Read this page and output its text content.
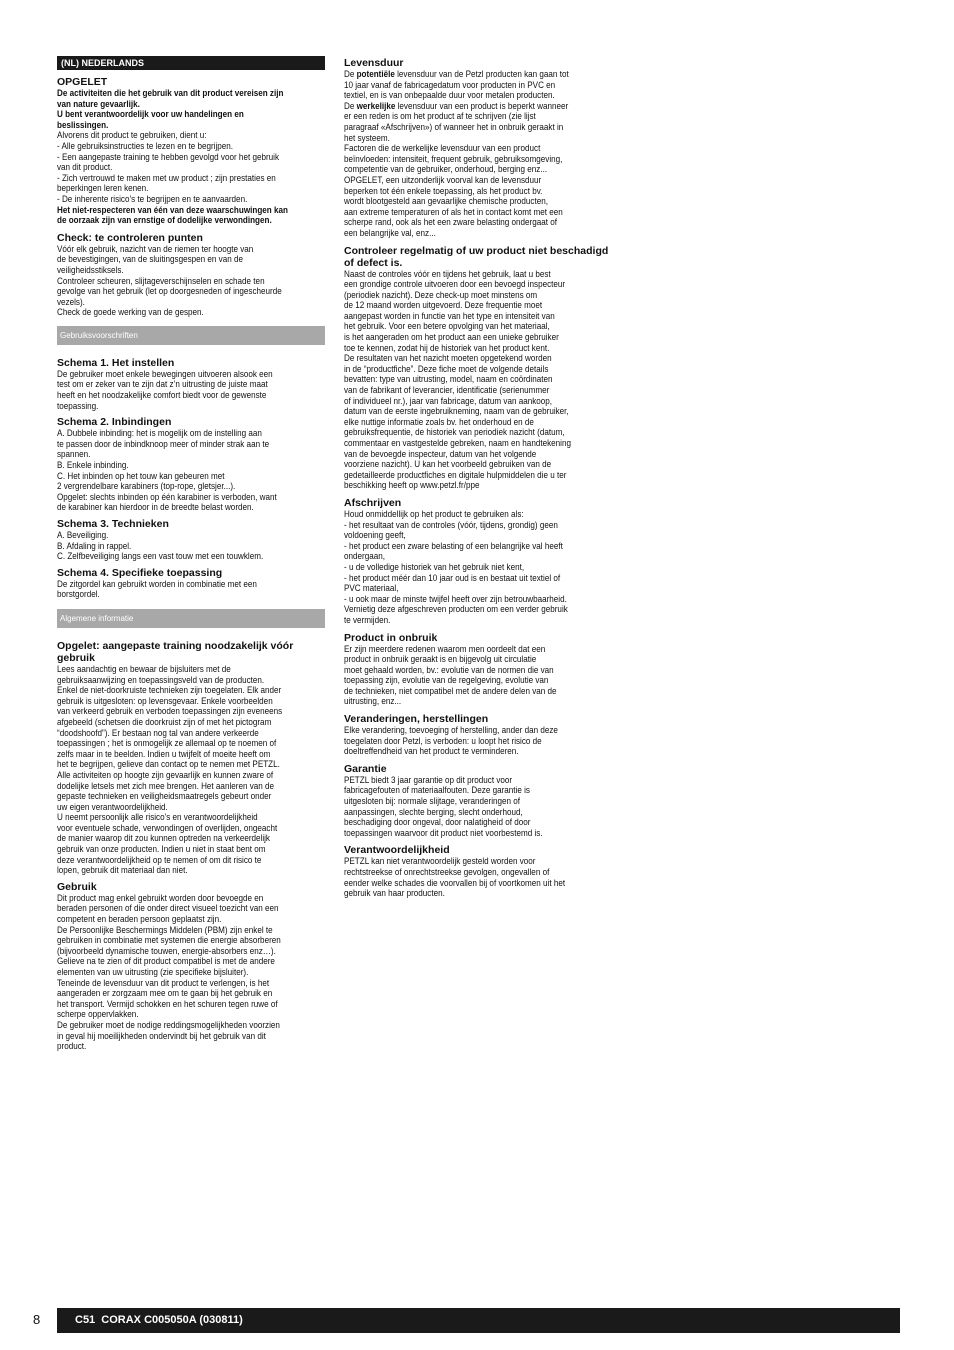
(NL) NEDERLANDS
OPGELET

De activiteiten die het gebruik van dit product vereisen zijn
van nature gevaarlijk.
U bent verantwoordelijk voor uw handelingen en
beslissingen.

Alvorens dit product te gebruiken, dient u:
- Alle gebruiksinstructies te lezen en te begrijpen.
- Een aangepaste training te hebben gevolgd voor het gebruik
van dit product.
- Zich vertrouwd te maken met uw product ; zijn prestaties en
beperkingen leren kenen.
- De inherente risico’s te begrijpen en te aanvaarden.

Het niet-respecteren van één van deze waarschuwingen kan
de oorzaak zijn van ernstige of dodelijke verwondingen.

Check: te controleren punten

Vóór elk gebruik, nazicht van de riemen ter hoogte van
de bevestigingen, van de sluitingsgespen en van de
veiligheidsstiksels.
Controleer scheuren, slijtageverschijnselen en schade ten
gevolge van het gebruik (let op doorgesneden of ingescheurde
vezels).
Check de goede werking van de gespen.

Gebruiksvoorschriften
Schema 1. Het instellen

De gebruiker moet enkele bewegingen uitvoeren alsook een
test om er zeker van te zijn dat z’n uitrusting de juiste maat
heeft en het noodzakelijke comfort biedt voor de gewenste
toepassing.

Schema 2. Inbindingen

A. Dubbele inbinding: het is mogelijk om de instelling aan
te passen door de inbindknoop meer of minder strak aan te
spannen.
B. Enkele inbinding.
C. Het inbinden op het touw kan gebeuren met
2 vergrendelbare karabiners (top-rope, gletsjer...).
Opgelet: slechts inbinden op één karabiner is verboden, want
de karabiner kan hierdoor in de breedte belast worden.

Schema 3. Technieken

A. Beveiliging.
B. Afdaling in rappel.
C. Zelfbeveiliging langs een vast touw met een touwklem.

Schema 4. Specifieke toepassing

De zitgordel kan gebruikt worden in combinatie met een
borstgordel.

Algemene informatie
Opgelet: aangepaste training noodzakelijk vóór
gebruik

Lees aandachtig en bewaar de bijsluiters met de
gebruiksaanwijzing en toepassingsveld van de producten.
Enkel de niet-doorkruiste technieken zijn toegelaten. Elk ander
gebruik is uitgesloten: op levensgevaar. Enkele voorbeelden
van verkeerd gebruik en verboden toepassingen zijn eveneens
afgebeeld (schetsen die doorkruist zijn of met het pictogram
“doodshoofd”). Er bestaan nog tal van andere verkeerde
toepassingen ; het is onmogelijk ze allemaal op te noemen of
zelfs maar in te beelden. Indien u twijfelt of moeite heeft om
het te begrijpen, gelieve dan contact op te nemen met PETZL.
Alle activiteiten op hoogte zijn gevaarlijk en kunnen zware of
dodelijke letsels met zich mee brengen. Het aanleren van de
gepaste technieken en veiligheidsmaatregels gebeurt onder
uw eigen verantwoordelijkheid.
U neemt persoonlijk alle risico’s en verantwoordelijkheid
voor eventuele schade, verwondingen of overlijden, ongeacht
de manier waarop dit zou kunnen optreden na verkeerdelijk
gebruik van onze producten. Indien u niet in staat bent om
deze verantwoordelijkheid op te nemen of om dit risico te
lopen, gebruik dit materiaal dan niet.

Gebruik

Dit product mag enkel gebruikt worden door bevoegde en
beraden personen of die onder direct visueel toezicht van een
competent en beraden persoon geplaatst zijn.
De Persoonlijke Beschermings Middelen (PBM) zijn enkel te
gebruiken in combinatie met systemen die energie absorberen
(bijvoorbeeld dynamische touwen, energie-absorbers enz…).
Gelieve na te zien of dit product compatibel is met de andere
elementen van uw uitrusting (zie specifieke bijsluiter).
Teneinde de levensduur van dit product te verlengen, is het
aangeraden er zorgzaam mee om te gaan bij het gebruik en
het transport. Vermijd schokken en het schuren tegen ruwe of
scherpe oppervlakken.
De gebruiker moet de nodige reddingsmogelijkheden voorzien
in geval hij moeilijkheden ondervindt bij het gebruik van dit
product.

Levensduur

De potentiële levensduur van de Petzl producten kan gaan tot
10 jaar vanaf de fabricagedatum voor producten in PVC en
textiel, en is van onbepaalde duur voor metalen producten.
De werkelijke levensduur van een product is beperkt wanneer
er een reden is om het product af te schrijven (zie lijst
paragraaf «Afschrijven») of wanneer het in onbruik geraakt in
het systeem.
Factoren die de werkelijke levensduur van een product
beïnvloeden: intensiteit, frequent gebruik, gebruiksomgeving,
competentie van de gebruiker, onderhoud, berging enz...
OPGELET, een uitzonderlijk voorval kan de levensduur
beperken tot één enkele toepassing, als het product bv.
wordt blootgesteld aan gevaarlijke chemische producten,
aan extreme temperaturen of als het in contact komt met een
scherpe rand, ook als het een zware belasting ondergaat of
een belangrijke val, enz...

Controleer regelmatig of uw product niet beschadigd
of defect is.

Naast de controles vóór en tijdens het gebruik, laat u best
een grondige controle uitvoeren door een bevoegd inspecteur
(periodiek nazicht). Deze check-up moet minstens om
de 12 maand worden uitgevoerd. Deze frequentie moet
aangepast worden in functie van het type en intensiteit van
het gebruik. Voor een betere opvolging van het materiaal,
is het aangeraden om het product aan een unieke gebruiker
toe te kennen, zodat hij de historiek van het product kent.
De resultaten van het nazicht moeten opgetekend worden
in de “productfiche”. Deze fiche moet de volgende details
bevatten: type van uitrusting, model, naam en coördinaten
van de fabrikant of leverancier, identificatie (serienummer
of individueel nr.), jaar van fabricage, datum van aankoop,
datum van de eerste ingebruikneming, naam van de gebruiker,
elke nuttige informatie zoals bv. het onderhoud en de
gebruiksfrequentie, de historiek van periodiek nazicht (datum,
commentaar en vastgestelde gebreken, naam en handtekening
van de bevoegde inspecteur, datum van het volgende
voorziene nazicht). U kan het voorbeeld gebruiken van de
gedetailleerde productfiches en digitale hulpmiddelen die u ter
beschikking heeft op www.petzl.fr/ppe

Afschrijven

Houd onmiddellijk op het product te gebruiken als:
- het resultaat van de controles (vóór, tijdens, grondig) geen
voldoening geeft,
- het product een zware belasting of een belangrijke val heeft
ondergaan,
- u de volledige historiek van het gebruik niet kent,
- het product méér dan 10 jaar oud is en bestaat uit textiel of
PVC materiaal,
- u ook maar de minste twijfel heeft over zijn betrouwbaarheid.
Vernietig deze afgeschreven producten om een verder gebruik
te vermijden.

Product in onbruik

Er zijn meerdere redenen waarom men oordeelt dat een
product in onbruik geraakt is en bijgevolg uit circulatie
moet gehaald worden, bv.: evolutie van de normen die van
toepassing zijn, evolutie van de regelgeving, evolutie van
de technieken, niet compatibel met de andere delen van de
uitrusting, enz...

Veranderingen, herstellingen

Elke verandering, toevoeging of herstelling, ander dan deze
toegelaten door Petzl, is verboden: u loopt het risico de
doeltreffendheid van het product te verminderen.

Garantie

PETZL biedt 3 jaar garantie op dit product voor
fabricagefouten of materiaalfouten. Deze garantie is
uitgesloten bij: normale slijtage, veranderingen of
aanpassingen, slechte berging, slecht onderhoud,
beschadiging door ongeval, door nalatigheid of door
toepassingen waarvoor dit product niet voorbestemd is.

Verantwoordelijkheid

PETZL kan niet verantwoordelijk gesteld worden voor
rechtstreekse of onrechtstreekse gevolgen, ongevallen of
eender welke schades die voorvallen bij of voortkomen uit het
gebruik van haar producten.

8	C51  CORAX C005050A (030811)
